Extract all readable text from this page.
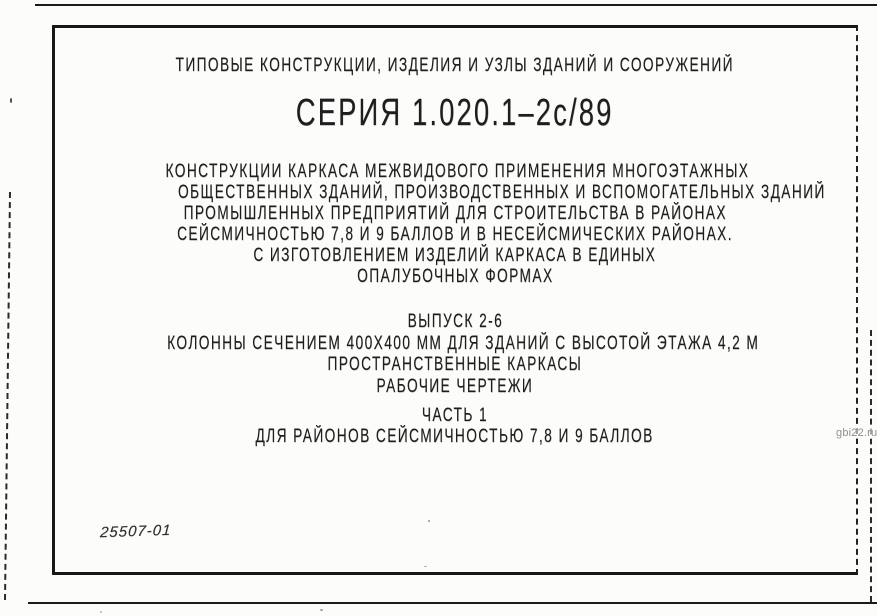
ТИПОВЫЕ КОНСТРУКЦИИ, ИЗДЕЛИЯ И УЗЛЫ ЗДАНИЙ И СООРУЖЕНИЙ
СЕРИЯ 1.020.1–2с/89
КОНСТРУКЦИИ КАРКАСА МЕЖВИДОВОГО ПРИМЕНЕНИЯ МНОГОЭТАЖНЫХ
ОБЩЕСТВЕННЫХ ЗДАНИЙ, ПРОИЗВОДСТВЕННЫХ И ВСПОМОГАТЕЛЬНЫХ ЗДАНИЙ
ПРОМЫШЛЕННЫХ ПРЕДПРИЯТИЙ ДЛЯ СТРОИТЕЛЬСТВА В РАЙОНАХ
СЕЙСМИЧНОСТЬЮ 7,8 И 9 БАЛЛОВ И В НЕСЕЙСМИЧЕСКИХ РАЙОНАХ.
С ИЗГОТОВЛЕНИЕМ ИЗДЕЛИЙ КАРКАСА В ЕДИНЫХ
ОПАЛУБОЧНЫХ ФОРМАХ
ВЫПУСК 2-6
КОЛОННЫ СЕЧЕНИЕМ 400Х400 ММ ДЛЯ ЗДАНИЙ С ВЫСОТОЙ ЭТАЖА 4,2 М
ПРОСТРАНСТВЕННЫЕ КАРКАСЫ
РАБОЧИЕ ЧЕРТЕЖИ
ЧАСТЬ 1
ДЛЯ РАЙОНОВ СЕЙСМИЧНОСТЬЮ 7,8 И 9 БАЛЛОВ
25507-01
gbi22.ru
